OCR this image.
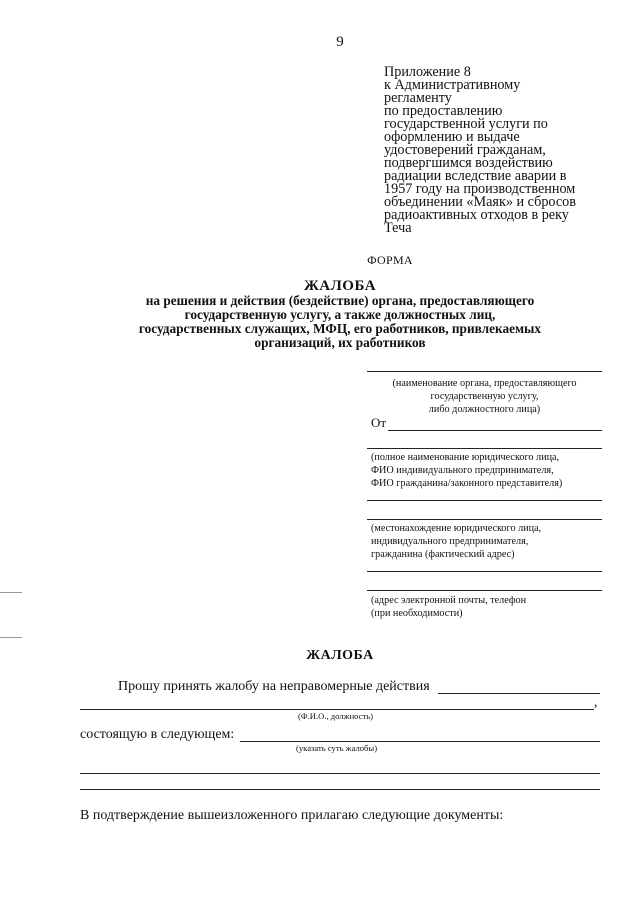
9
Приложение 8
к Административному
регламенту
по предоставлению
государственной услуги по
оформлению и выдаче
удостоверений гражданам,
подвергшимся воздействию
радиации вследствие аварии в
1957 году на производственном
объединении «Маяк» и сбросов
радиоактивных отходов в реку
Теча
ФОРМА
ЖАЛОБА
на решения и действия (бездействие) органа, предоставляющего
государственную услугу, а также должностных лиц,
государственных служащих, МФЦ, его работников, привлекаемых
организаций, их работников
(наименование органа, предоставляющего
государственную услугу,
либо должностного лица)
От
(полное наименование юридического лица,
ФИО индивидуального предпринимателя,
ФИО гражданина/законного представителя)
(местонахождение юридического лица,
индивидуального предпринимателя,
гражданина (фактический адрес)
(адрес электронной почты, телефон
(при необходимости)
ЖАЛОБА
Прошу принять жалобу на неправомерные действия
,
(Ф.И.О., должность)
состоящую в следующем:
(указать суть жалобы)
В подтверждение вышеизложенного прилагаю следующие документы:
